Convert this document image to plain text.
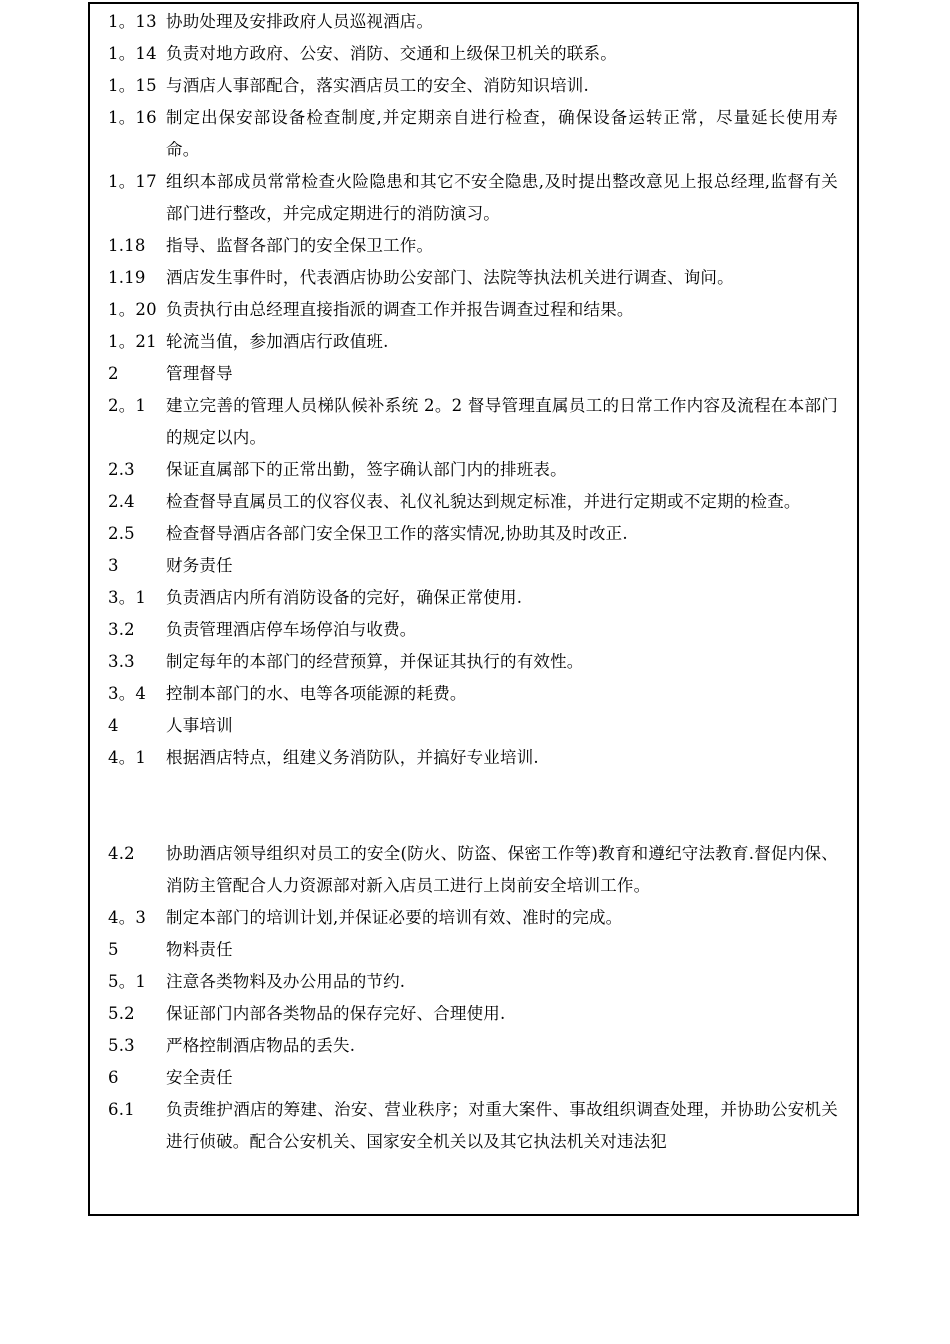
1。13 协助处理及安排政府人员巡视酒店。
1。14 负责对地方政府、公安、消防、交通和上级保卫机关的联系。
1。15 与酒店人事部配合，落实酒店员工的安全、消防知识培训.
1。16 制定出保安部设备检查制度,并定期亲自进行检查，确保设备运转正常，尽量延长使用寿命。
1。17 组织本部成员常常检查火险隐患和其它不安全隐患,及时提出整改意见上报总经理,监督有关部门进行整改，并完成定期进行的消防演习。
1.18	指导、监督各部门的安全保卫工作。
1.19	酒店发生事件时，代表酒店协助公安部门、法院等执法机关进行调查、询问。
1。20 负责执行由总经理直接指派的调查工作并报告调查过程和结果。
1。21 轮流当值，参加酒店行政值班.
2	管理督导
2。1	建立完善的管理人员梯队候补系统 2。2 督导管理直属员工的日常工作内容及流程在本部门的规定以内。
2.3	保证直属部下的正常出勤，签字确认部门内的排班表。
2.4	检查督导直属员工的仪容仪表、礼仪礼貌达到规定标准，并进行定期或不定期的检查。
2.5	检查督导酒店各部门安全保卫工作的落实情况,协助其及时改正.
3	财务责任
3。1	负责酒店内所有消防设备的完好，确保正常使用.
3.2	负责管理酒店停车场停泊与收费。
3.3	制定每年的本部门的经营预算，并保证其执行的有效性。
3。4	控制本部门的水、电等各项能源的耗费。
4	人事培训
4。1	根据酒店特点，组建义务消防队，并搞好专业培训.
4.2	协助酒店领导组织对员工的安全(防火、防盗、保密工作等)教育和遵纪守法教育.督促内保、消防主管配合人力资源部对新入店员工进行上岗前安全培训工作。
4。3	制定本部门的培训计划,并保证必要的培训有效、准时的完成。
5	物料责任
5。1	注意各类物料及办公用品的节约.
5.2	保证部门内部各类物品的保存完好、合理使用.
5.3	严格控制酒店物品的丢失.
6	安全责任
6.1	负责维护酒店的筹建、治安、营业秩序；对重大案件、事故组织调查处理，并协助公安机关进行侦破。配合公安机关、国家安全机关以及其它执法机关对违法犯
